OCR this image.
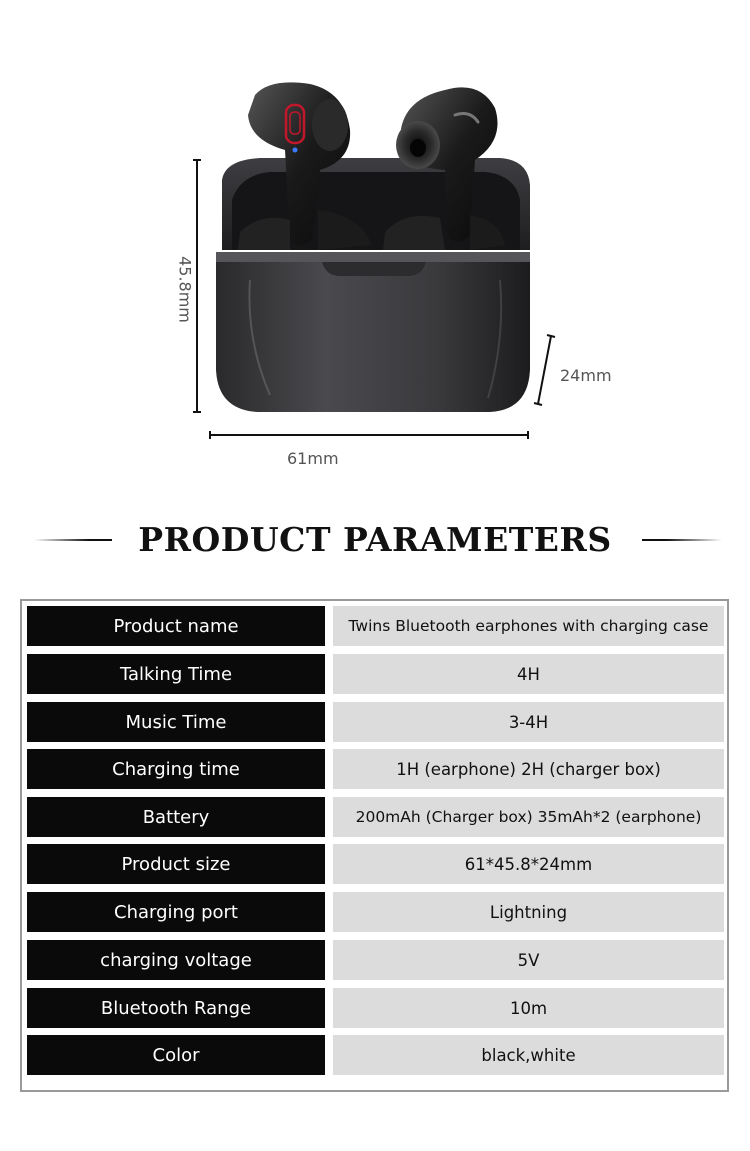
45.8mm
61mm
24mm
PRODUCT PARAMETERS
Product name	Twins Bluetooth earphones with charging case
Talking Time	4H
Music Time	3-4H
Charging time	1H (earphone) 2H (charger box)
Battery	200mAh (Charger box) 35mAh*2 (earphone)
Product size	61*45.8*24mm
Charging port	Lightning
charging voltage	5V
Bluetooth Range	10m
Color	black,white
